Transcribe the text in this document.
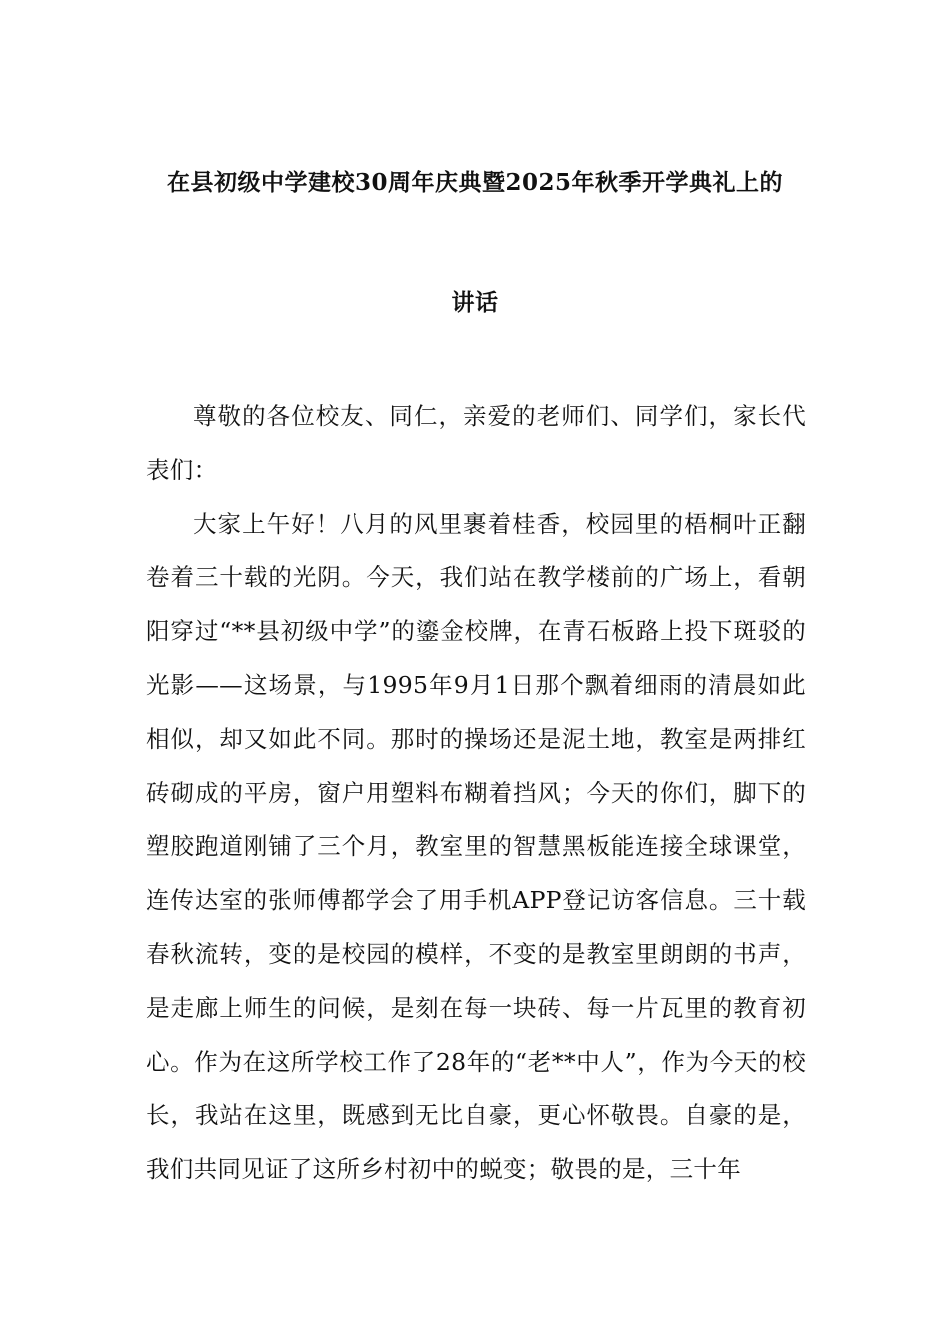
在县初级中学建校30周年庆典暨2025年秋季开学典礼上的
讲话

尊敬的各位校友、同仁，亲爱的老师们、同学们，家长代表们：

大家上午好！八月的风里裹着桂香，校园里的梧桐叶正翻卷着三十载的光阴。今天，我们站在教学楼前的广场上，看朝阳穿过“**县初级中学”的鎏金校牌，在青石板路上投下斑驳的光影——这场景，与1995年9月1日那个飘着细雨的清晨如此相似，却又如此不同。那时的操场还是泥土地，教室是两排红砖砌成的平房，窗户用塑料布糊着挡风；今天的你们，脚下的塑胶跑道刚铺了三个月，教室里的智慧黑板能连接全球课堂，连传达室的张师傅都学会了用手机APP登记访客信息。三十载春秋流转，变的是校园的模样，不变的是教室里朗朗的书声，是走廊上师生的问候，是刻在每一块砖、每一片瓦里的教育初心。作为在这所学校工作了28年的“老**中人”，作为今天的校长，我站在这里，既感到无比自豪，更心怀敬畏。自豪的是，我们共同见证了这所乡村初中的蜕变；敬畏的是，三十年
